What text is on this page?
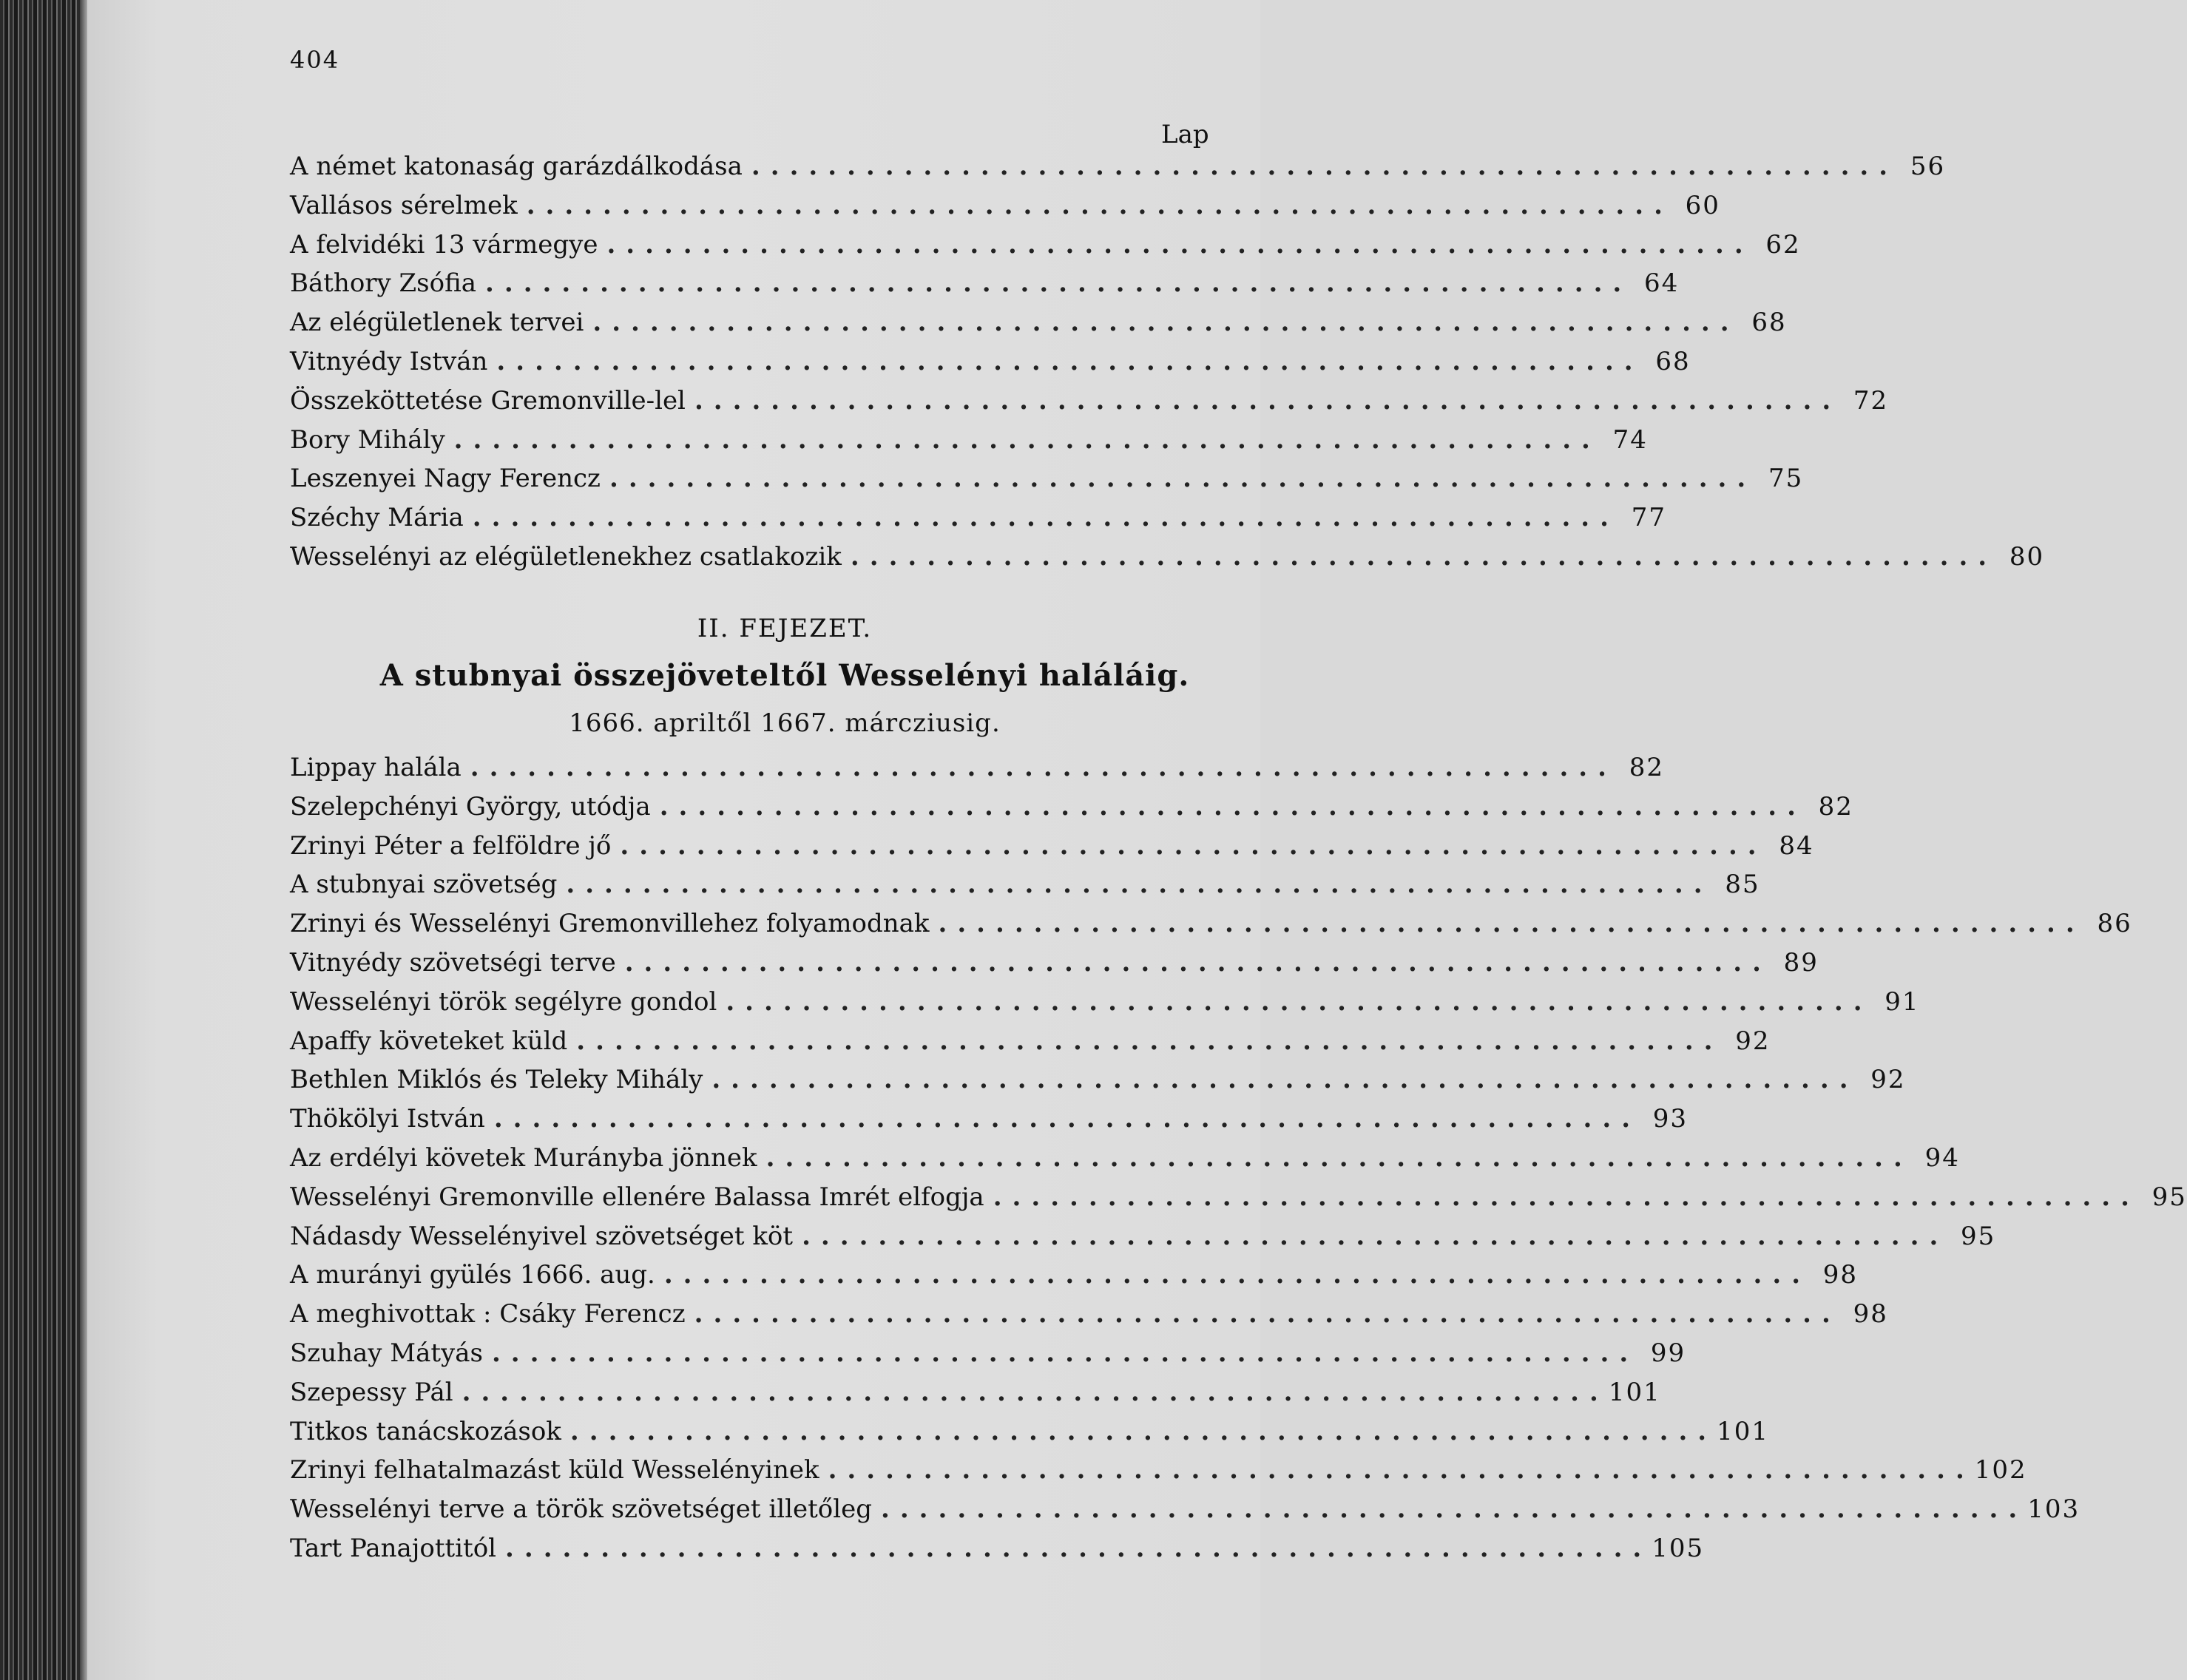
404
Lap
A német katonaság garázdálkodása ............................................................ 56
Vallásos sérelmek ............................................................ 60
A felvidéki 13 vármegye ............................................................ 62
Báthory Zsófia ............................................................ 64
Az elégületlenek tervei ............................................................ 68
Vitnyédy István ............................................................ 68
Összeköttetése Gremonville-lel ............................................................ 72
Bory Mihály ............................................................ 74
Leszenyei Nagy Ferencz ............................................................ 75
Széchy Mária ............................................................ 77
Wesselényi az elégületlenekhez csatlakozik ............................................................ 80
II. FEJEZET.
A stubnyai összejöveteltől Wesselényi haláláig.
1666. apriltől 1667. márcziusig.
Lippay halála ............................................................ 82
Szelepchényi György, utódja ............................................................ 82
Zrinyi Péter a felföldre jő ............................................................ 84
A stubnyai szövetség ............................................................ 85
Zrinyi és Wesselényi Gremonvillehez folyamodnak ............................................................ 86
Vitnyédy szövetségi terve ............................................................ 89
Wesselényi török segélyre gondol ............................................................ 91
Apaffy követeket küld ............................................................ 92
Bethlen Miklós és Teleky Mihály ............................................................ 92
Thökölyi István ............................................................ 93
Az erdélyi követek Murányba jönnek ............................................................ 94
Wesselényi Gremonville ellenére Balassa Imrét elfogja ............................................................ 95
Nádasdy Wesselényivel szövetséget köt ............................................................ 95
A murányi gyülés 1666. aug. ............................................................ 98
A meghivottak : Csáky Ferencz ............................................................ 98
Szuhay Mátyás ............................................................ 99
Szepessy Pál ............................................................ 101
Titkos tanácskozások ............................................................ 101
Zrinyi felhatalmazást küld Wesselényinek ............................................................ 102
Wesselényi terve a török szövetséget illetőleg ............................................................ 103
Tart Panajottitól ............................................................ 105
